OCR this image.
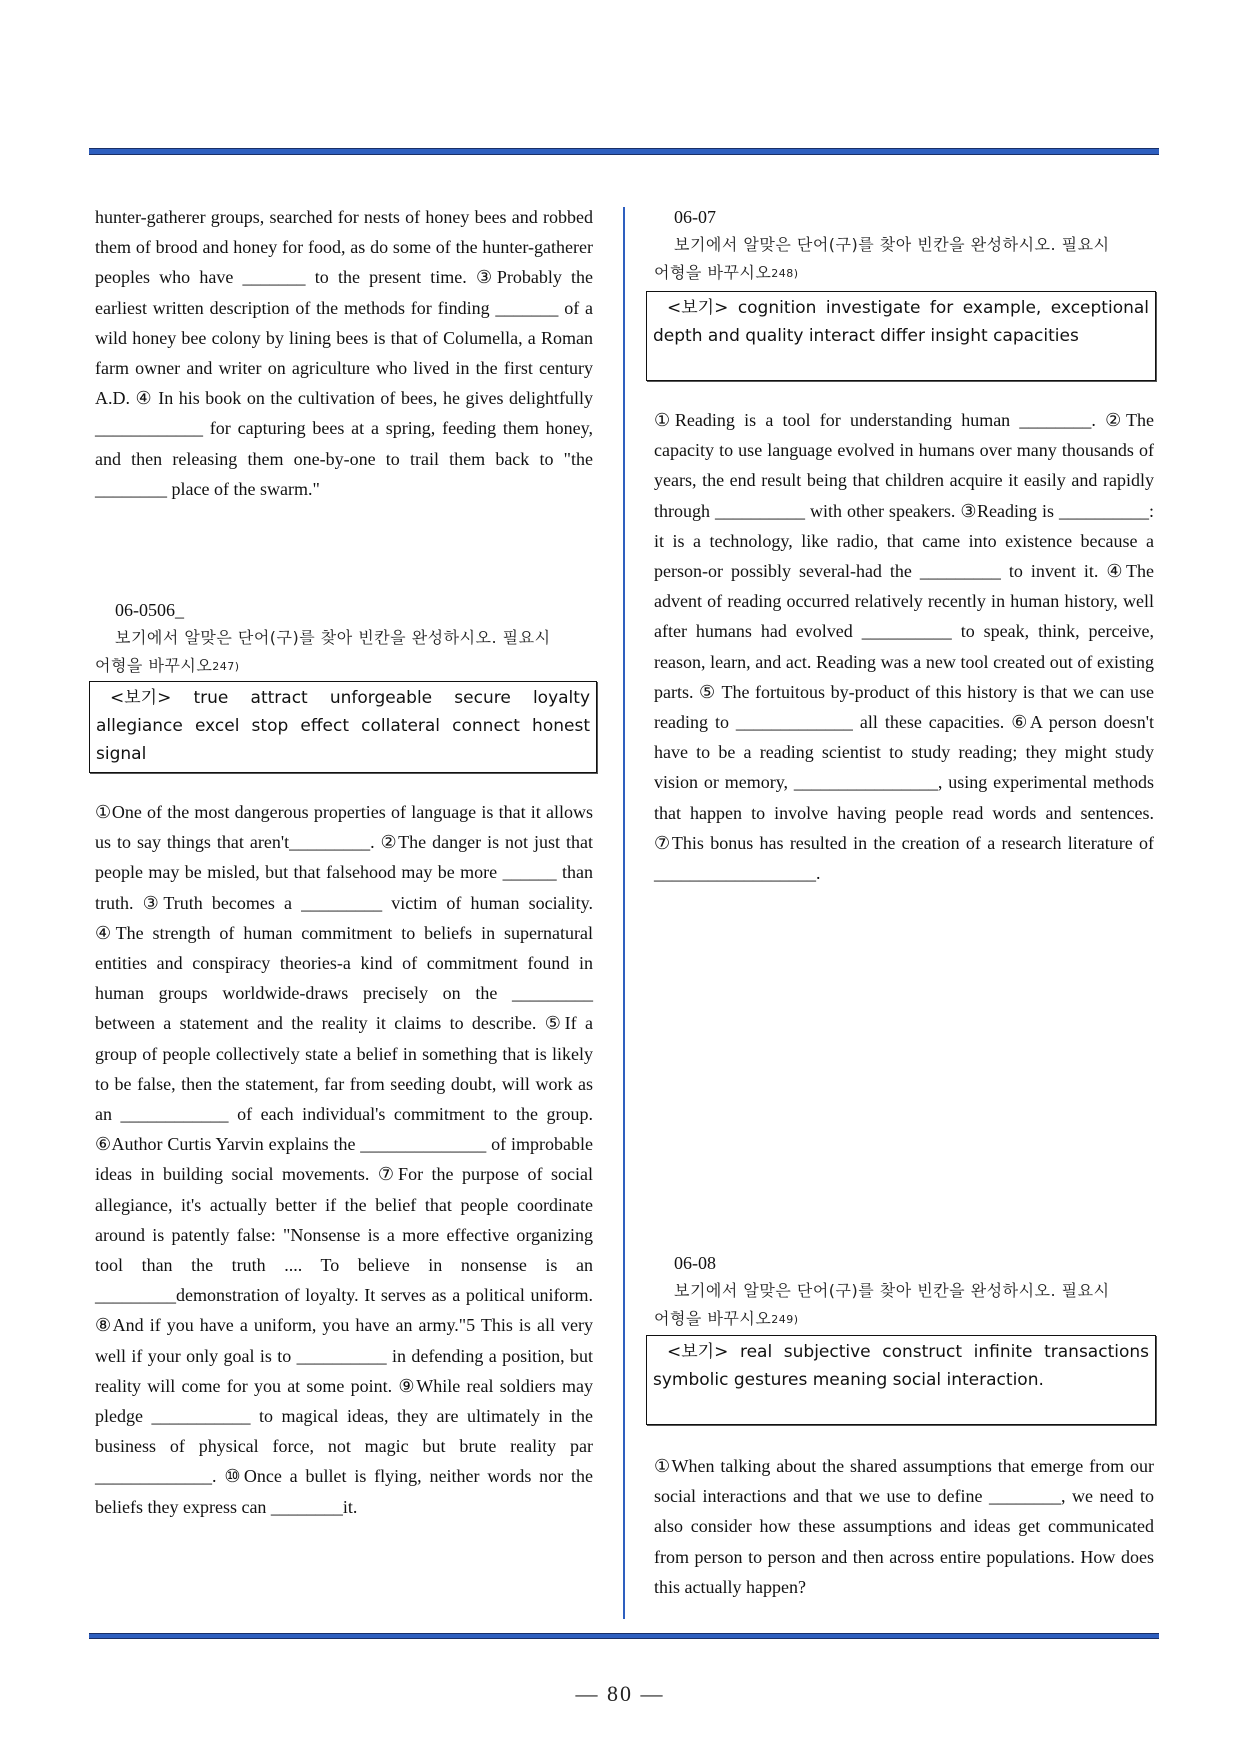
hunter-gatherer groups, searched for nests of honey bees and robbed them of brood and honey for food, as do some of the hunter-gatherer peoples who have _______ to the present time. ③Probably the earliest written description of the methods for finding _______ of a wild honey bee colony by lining bees is that of Columella, a Roman farm owner and writer on agriculture who lived in the first century A.D. ④ In his book on the cultivation of bees, he gives delightfully ____________ for capturing bees at a spring, feeding them honey, and then releasing them one-by-one to trail them back to "the ________ place of the swarm."

06-0506_
보기에서 알맞은 단어(구)를 찾아 빈칸을 완성하시오. 필요시
어형을 바꾸시오$^{247)}$
<보기> true attract unforgeable secure loyalty allegiance excel stop effect collateral connect honest signal

①One of the most dangerous properties of language is that it allows us to say things that aren't_________. ②The danger is not just that people may be misled, but that falsehood may be more ______ than truth. ③Truth becomes a _________ victim of human sociality. ④The strength of human commitment to beliefs in supernatural entities and conspiracy theories-a kind of commitment found in human groups worldwide-draws precisely on the _________ between a statement and the reality it claims to describe. ⑤If a group of people collectively state a belief in something that is likely to be false, then the statement, far from seeding doubt, will work as an ____________ of each individual's commitment to the group. ⑥Author Curtis Yarvin explains the ______________ of improbable ideas in building social movements. ⑦For the purpose of social allegiance, it's actually better if the belief that people coordinate around is patently false: "Nonsense is a more effective organizing tool than the truth .... To believe in nonsense is an _________demonstration of loyalty. It serves as a political uniform. ⑧And if you have a uniform, you have an army."5 This is all very well if your only goal is to __________ in defending a position, but reality will come for you at some point. ⑨While real soldiers may pledge ___________ to magical ideas, they are ultimately in the business of physical force, not magic but brute reality par _____________. ⑩Once a bullet is flying, neither words nor the beliefs they express can ________it.

06-07
보기에서 알맞은 단어(구)를 찾아 빈칸을 완성하시오. 필요시
어형을 바꾸시오$^{248)}$
<보기> cognition investigate for example, exceptional depth and quality interact differ insight capacities

①Reading is a tool for understanding human ________. ②The capacity to use language evolved in humans over many thousands of years, the end result being that children acquire it easily and rapidly through __________ with other speakers. ③Reading is __________: it is a technology, like radio, that came into existence because a person-or possibly several-had the _________ to invent it. ④The advent of reading occurred relatively recently in human history, well after humans had evolved __________ to speak, think, perceive, reason, learn, and act. Reading was a new tool created out of existing parts. ⑤ The fortuitous by-product of this history is that we can use reading to _____________ all these capacities. ⑥A person doesn't have to be a reading scientist to study reading; they might study vision or memory, ________________, using experimental methods that happen to involve having people read words and sentences. ⑦This bonus has resulted in the creation of a research literature of __________________.

06-08
보기에서 알맞은 단어(구)를 찾아 빈칸을 완성하시오. 필요시
어형을 바꾸시오$^{249)}$
<보기> real subjective construct infinite transactions symbolic gestures meaning social interaction.

①When talking about the shared assumptions that emerge from our social interactions and that we use to define ________, we need to also consider how these assumptions and ideas get communicated from person to person and then across entire populations. How does this actually happen?

— 80 —
